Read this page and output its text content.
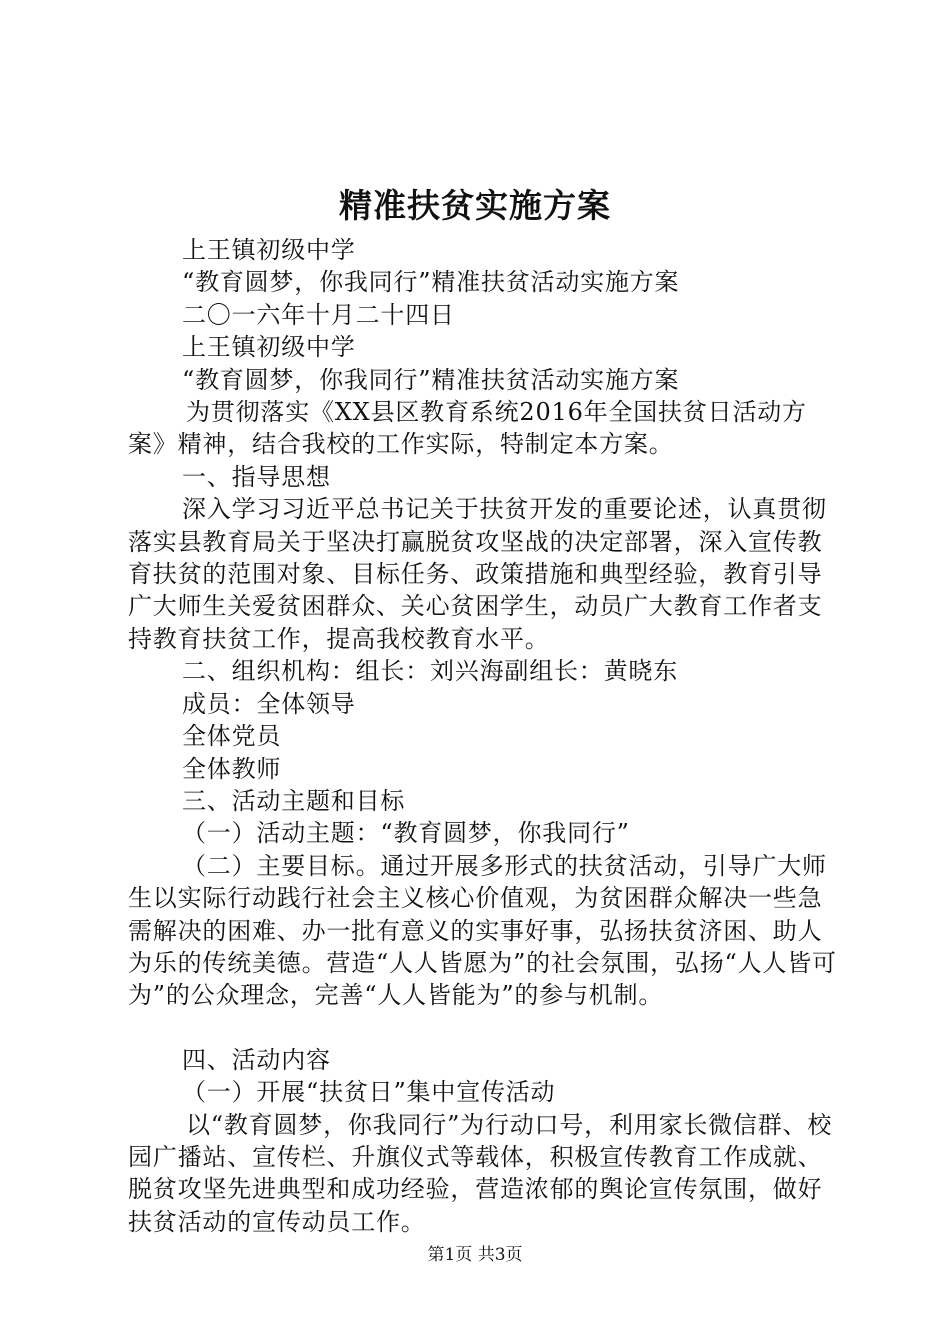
精准扶贫实施方案

上王镇初级中学

“教育圆梦，你我同行”精准扶贫活动实施方案

二〇一六年十月二十四日

上王镇初级中学

“教育圆梦，你我同行”精准扶贫活动实施方案

为贯彻落实《XX县区教育系统2016年全国扶贫日活动方案》精神，结合我校的工作实际，特制定本方案。

一、指导思想

深入学习习近平总书记关于扶贫开发的重要论述，认真贯彻落实县教育局关于坚决打赢脱贫攻坚战的决定部署，深入宣传教育扶贫的范围对象、目标任务、政策措施和典型经验，教育引导广大师生关爱贫困群众、关心贫困学生，动员广大教育工作者支持教育扶贫工作，提高我校教育水平。

二、组织机构：组长：刘兴海副组长：黄晓东

成员：全体领导

全体党员

全体教师

三、活动主题和目标

（一）活动主题：“教育圆梦，你我同行”

（二）主要目标。通过开展多形式的扶贫活动，引导广大师生以实际行动践行社会主义核心价值观，为贫困群众解决一些急需解决的困难、办一批有意义的实事好事，弘扬扶贫济困、助人为乐的传统美德。营造“人人皆愿为”的社会氛围，弘扬“人人皆可为”的公众理念，完善“人人皆能为”的参与机制。

四、活动内容

（一）开展“扶贫日”集中宣传活动

以“教育圆梦，你我同行”为行动口号，利用家长微信群、校园广播站、宣传栏、升旗仪式等载体，积极宣传教育工作成就、脱贫攻坚先进典型和成功经验，营造浓郁的舆论宣传氛围，做好扶贫活动的宣传动员工作。

第1页 共3页
